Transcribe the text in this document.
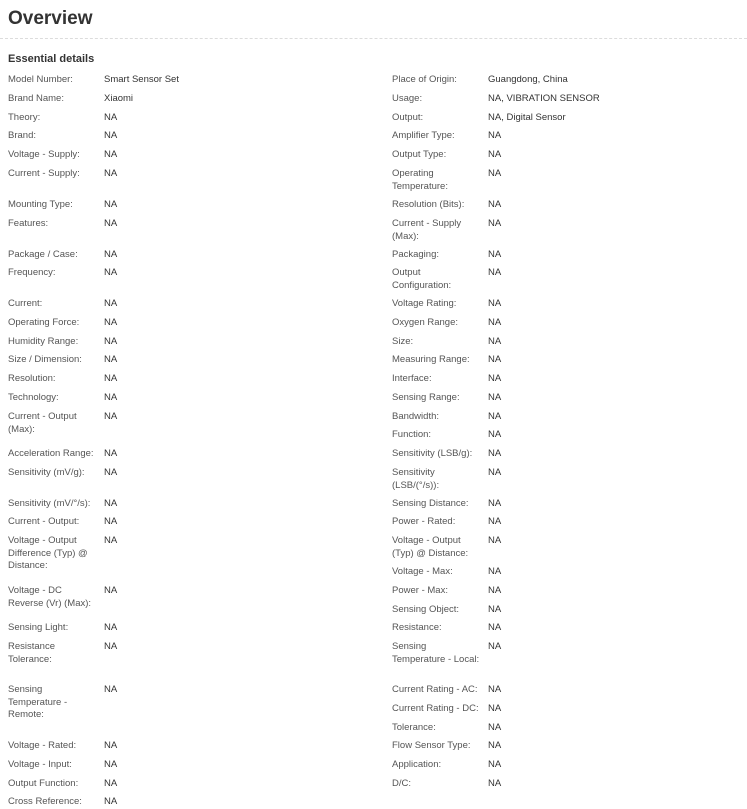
Overview
Essential details
Model Number:	Smart Sensor Set
Brand Name:	Xiaomi
Theory:	NA
Brand:	NA
Voltage - Supply:	NA
Current - Supply:	NA
Mounting Type:	NA
Features:	NA
Package / Case:	NA
Frequency:	NA
Current:	NA
Operating Force:	NA
Humidity Range:	NA
Size / Dimension:	NA
Resolution:	NA
Technology:	NA
Current - Output (Max):
NA
Acceleration Range: NA
Sensitivity (mV/g):	NA
Sensitivity (mV/°/s):	NA
Current - Output:	NA
Voltage - Output Difference (Typ) @ Distance:
NA
Voltage - DC Reverse (Vr) (Max):
NA
Sensing Light:	NA
Resistance Tolerance:
NA
Sensing Temperature - Remote:
NA
Voltage - Rated:	NA
Voltage - Input:	NA
Output Function:	NA
Cross Reference:	NA
Place of Origin:	Guangdong, China
Usage:	NA, VIBRATION SENSOR
Output:	NA, Digital Sensor
Amplifier Type:	NA
Output Type:	NA
Operating Temperature:
NA
Resolution (Bits):	NA
Current - Supply (Max):
NA
Packaging:	NA
Output Configuration:
NA
Voltage Rating:	NA
Oxygen Range:	NA
Size:	NA
Measuring Range:	NA
Interface:	NA
Sensing Range:	NA
Bandwidth:	NA
Function:	NA
Sensitivity (LSB/g):	NA
Sensitivity (LSB/(°/s)):
NA
Sensing Distance:	NA
Power - Rated:	NA
Voltage - Output (Typ) @ Distance:
NA
Voltage - Max:	NA
Power - Max:	NA
Sensing Object:	NA
Resistance:	NA
Sensing Temperature - Local:
NA
Current Rating - AC: NA
Current Rating - DC: NA
Tolerance:	NA
Flow Sensor Type:	NA
Application:	NA
D/C:	NA
